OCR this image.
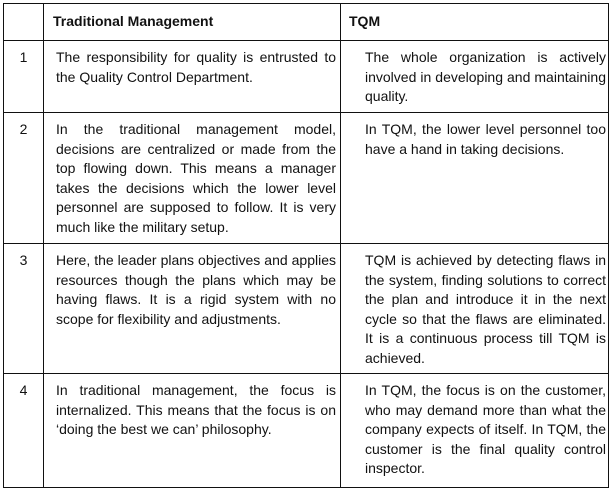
	Traditional Management	TQM
1	The responsibility for quality is entrusted to the Quality Control Department.	The whole organization is actively involved in developing and maintaining quality.
2	In the traditional management model, decisions are centralized or made from the top flowing down. This means a manager takes the decisions which the lower level personnel are supposed to follow. It is very much like the military setup.	In TQM, the lower level personnel too have a hand in taking decisions.
3	Here, the leader plans objectives and applies resources though the plans which may be having flaws. It is a rigid system with no scope for flexibility and adjustments.	TQM is achieved by detecting flaws in the system, finding solutions to correct the plan and introduce it in the next cycle so that the flaws are eliminated. It is a continuous process till TQM is achieved.
4	In traditional management, the focus is internalized. This means that the focus is on ‘doing the best we can’ philosophy.	In TQM, the focus is on the customer, who may demand more than what the company expects of itself. In TQM, the customer is the final quality control inspector.
